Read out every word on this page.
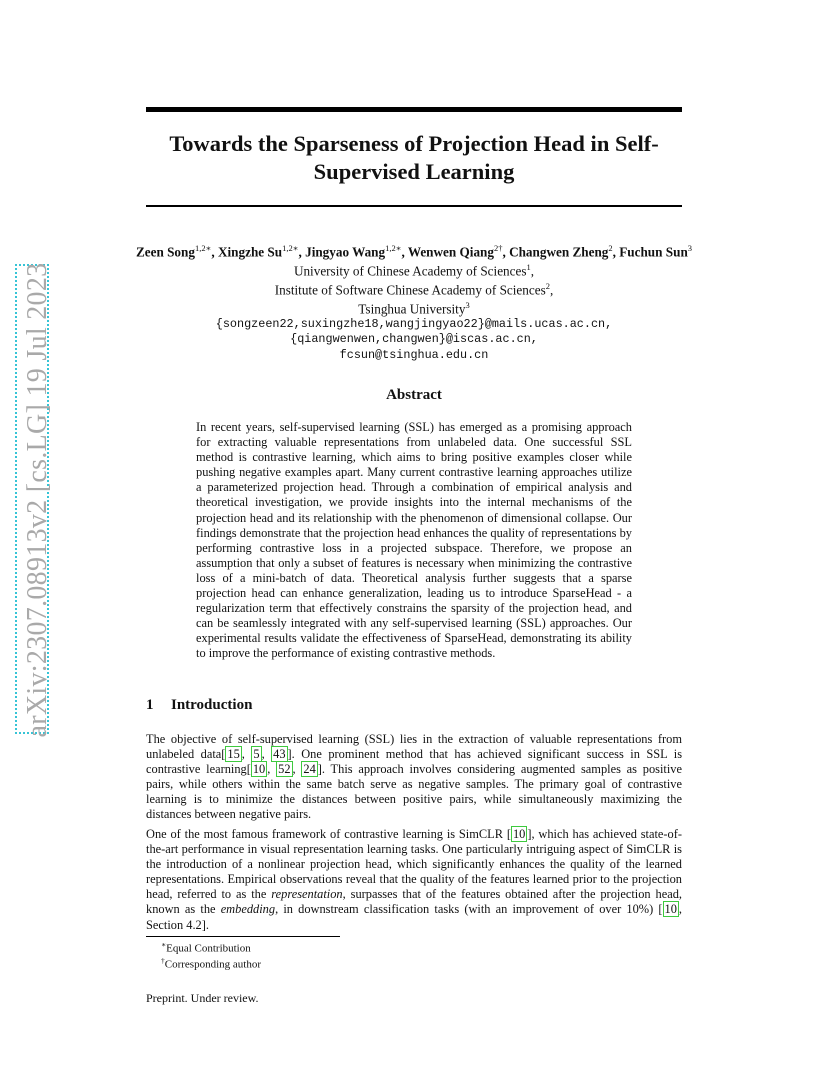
Towards the Sparseness of Projection Head in Self-Supervised Learning
arXiv:2307.08913v2 [cs.LG] 19 Jul 2023
Zeen Song$^{1,2∗}$, Xingzhe $Su^{1,2∗}$, Jingyao Wang$^{1,2∗}$, Wenwen Qiang$^{2\dagger}$, Changwen Zheng$^2$, Fuchun Sun$^3$
University of Chinese Academy of Sciences$^1$,
Institute of Software Chinese Academy of Sciences$^2$,
Tsinghua University$^3$
{songzeen22,suxingzhe18,wangjingyao22}@mails.ucas.ac.cn,
{qiangwenwen,changwen}@iscas.ac.cn,
fcsun@tsinghua.edu.cn
Abstract

In recent years, self-supervised learning (SSL) has emerged as a promising approach for extracting valuable representations from unlabeled data. One successful SSL method is contrastive learning, which aims to bring positive examples closer while pushing negative examples apart. Many current contrastive learning approaches utilize a parameterized projection head. Through a combination of empirical analysis and theoretical investigation, we provide insights into the internal mechanisms of the projection head and its relationship with the phenomenon of dimensional collapse. Our findings demonstrate that the projection head enhances the quality of representations by performing contrastive loss in a projected subspace. Therefore, we propose an assumption that only a subset of features is necessary when minimizing the contrastive loss of a mini-batch of data. Theoretical analysis further suggests that a sparse projection head can enhance generalization, leading us to introduce SparseHead - a regularization term that effectively constrains the sparsity of the projection head, and can be seamlessly integrated with any self-supervised learning (SSL) approaches. Our experimental results validate the effectiveness of SparseHead, demonstrating its ability to improve the performance of existing contrastive methods.

1 Introduction

The objective of self-supervised learning (SSL) lies in the extraction of valuable representations from unlabeled data[ 15 , 5 , 43 ]. One prominent method that has achieved significant success in SSL is contrastive learning[ 10 , 52 , 24 ]. This approach involves considering augmented samples as positive pairs, while others within the same batch serve as negative samples. The primary goal of contrastive learning is to minimize the distances between positive pairs, while simultaneously maximizing the distances between negative pairs.

One of the most famous framework of contrastive learning is SimCLR [ 10 ], which has achieved state-of-the-art performance in visual representation learning tasks. One particularly intriguing aspect of SimCLR is the introduction of a nonlinear projection head, which significantly enhances the quality of the learned representations. Empirical observations reveal that the quality of the features learned prior to the projection head, referred to as the representation, surpasses that of the features obtained after the projection head, known as the embedding, in downstream classification tasks (with an improvement of over 10%) [ 10 , Section 4.2].

∗Equal Contribution

†Corresponding author

Preprint. Under review.
